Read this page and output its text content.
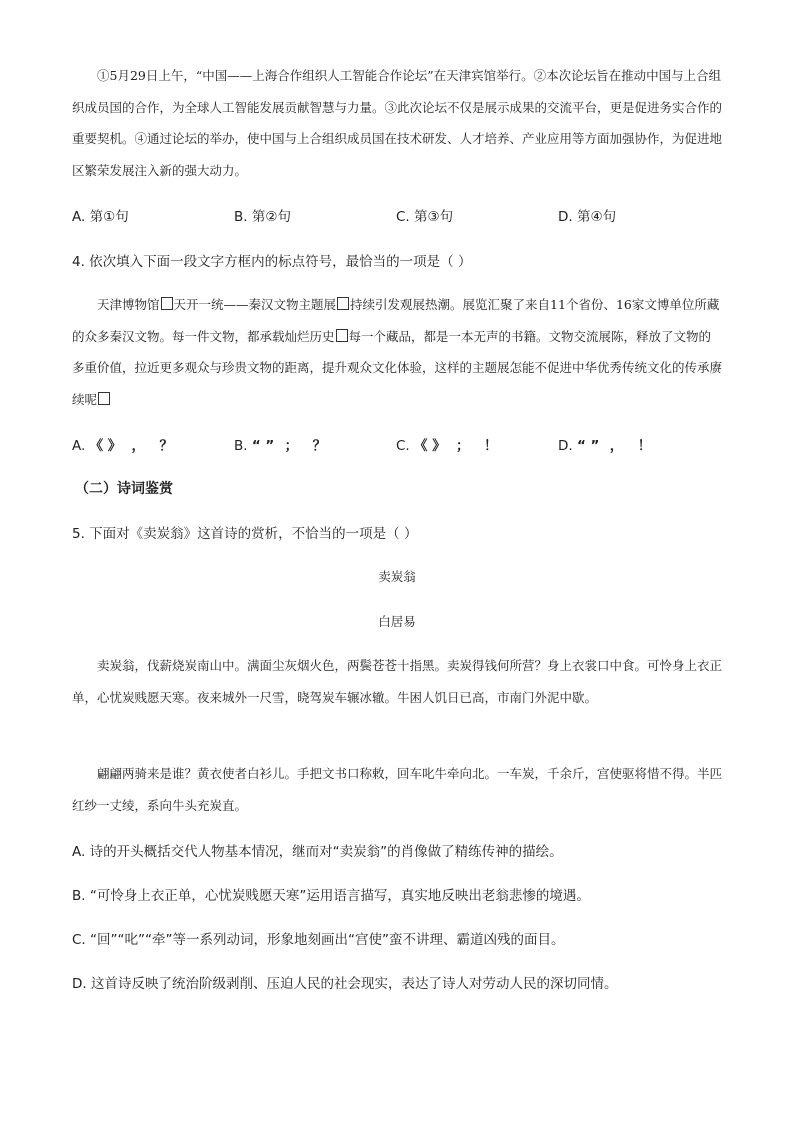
①5月29日上午，“中国——上海合作组织人工智能合作论坛”在天津宾馆举行。②本次论坛旨在推动中国与上合组织成员国的合作，为全球人工智能发展贡献智慧与力量。③此次论坛不仅是展示成果的交流平台，更是促进务实合作的重要契机。④通过论坛的举办，使中国与上合组织成员国在技术研发、人才培养、产业应用等方面加强协作，为促进地区繁荣发展注入新的强大动力。

A. 第①句	B. 第②句	C. 第③句	D. 第④句
4. 依次填入下面一段文字方框内的标点符号，最恰当的一项是（ ）

天津博物馆 天开一统——秦汉文物主题展 持续引发观展热潮。展览汇聚了来自11个省份、16家文博单位所藏的众多秦汉文物。每一件文物，都承载灿烂历史 每一个藏品，都是一本无声的书籍。文物交流展陈，释放了文物的多重价值，拉近更多观众与珍贵文物的距离，提升观众文化体验，这样的主题展怎能不促进中华优秀传统文化的传承赓续呢

A. 《 》 ， ？	B. “ ” ； ？	C. 《 》 ； ！	D. “ ” ， ！
（二）诗词鉴赏
5. 下面对《卖炭翁》这首诗的赏析，不恰当的一项是（ ）
卖炭翁
白居易

卖炭翁，伐薪烧炭南山中。满面尘灰烟火色，两鬓苍苍十指黑。卖炭得钱何所营？身上衣裳口中食。可怜身上衣正单，心忧炭贱愿天寒。夜来城外一尺雪，晓驾炭车辗冰辙。牛困人饥日已高，市南门外泥中歇。

翩翩两骑来是谁？黄衣使者白衫儿。手把文书口称敕，回车叱牛牵向北。一车炭，千余斤，宫使驱将惜不得。半匹红纱一丈绫，系向牛头充炭直。

A. 诗的开头概括交代人物基本情况，继而对“卖炭翁”的肖像做了精练传神的描绘。
B. “可怜身上衣正单，心忧炭贱愿天寒”运用语言描写，真实地反映出老翁悲惨的境遇。
C. “回”“叱”“牵”等一系列动词，形象地刻画出“宫使”蛮不讲理、霸道凶残的面目。
D. 这首诗反映了统治阶级剥削、压迫人民的社会现实，表达了诗人对劳动人民的深切同情。
